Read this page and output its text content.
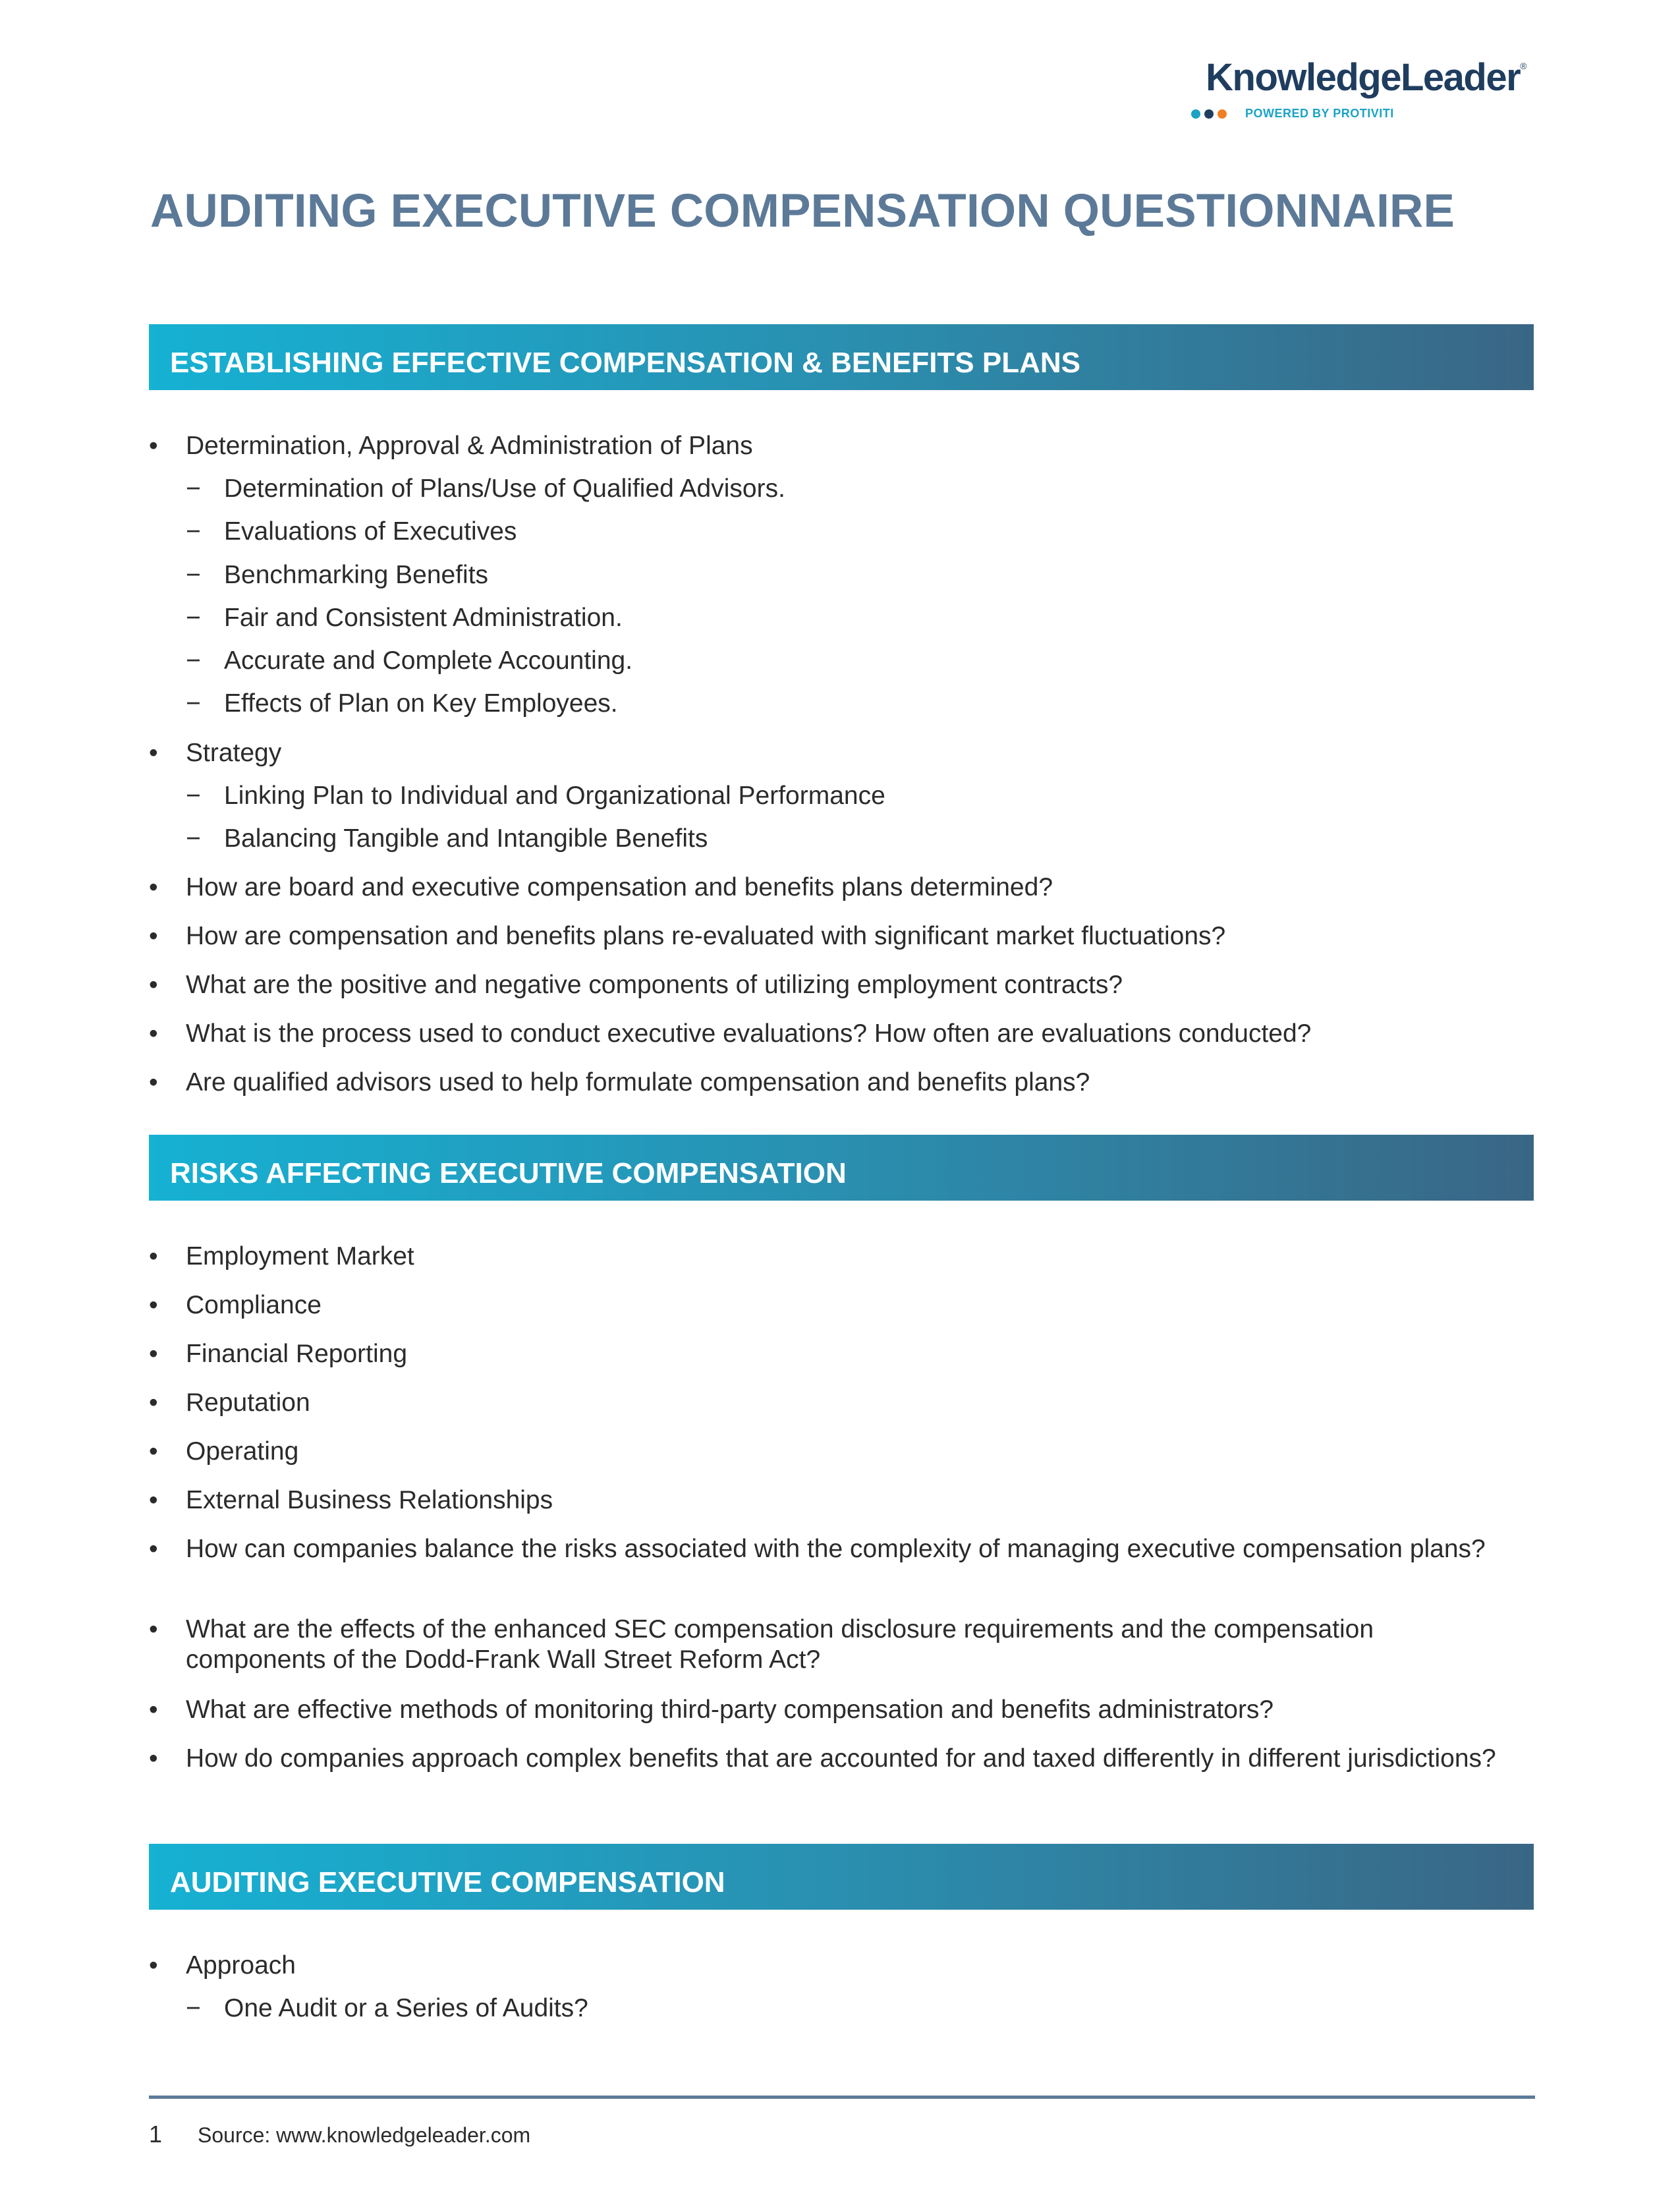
KnowledgeLeader®
POWERED BY PROTIVITI
AUDITING EXECUTIVE COMPENSATION QUESTIONNAIRE
ESTABLISHING EFFECTIVE COMPENSATION & BENEFITS PLANS
• Determination, Approval & Administration of Plans
− Determination of Plans/Use of Qualified Advisors.
− Evaluations of Executives
− Benchmarking Benefits
− Fair and Consistent Administration.
− Accurate and Complete Accounting.
− Effects of Plan on Key Employees.
• Strategy
− Linking Plan to Individual and Organizational Performance
− Balancing Tangible and Intangible Benefits
• How are board and executive compensation and benefits plans determined?
• How are compensation and benefits plans re-evaluated with significant market fluctuations?
• What are the positive and negative components of utilizing employment contracts?
• What is the process used to conduct executive evaluations? How often are evaluations conducted?
• Are qualified advisors used to help formulate compensation and benefits plans?
RISKS AFFECTING EXECUTIVE COMPENSATION
• Employment Market
• Compliance
• Financial Reporting
• Reputation
• Operating
• External Business Relationships
• How can companies balance the risks associated with the complexity of managing executive compensation plans?
• What are the effects of the enhanced SEC compensation disclosure requirements and the compensation components of the Dodd-Frank Wall Street Reform Act?
• What are effective methods of monitoring third-party compensation and benefits administrators?
• How do companies approach complex benefits that are accounted for and taxed differently in different jurisdictions?
AUDITING EXECUTIVE COMPENSATION
• Approach
− One Audit or a Series of Audits?
1 Source: www.knowledgeleader.com
